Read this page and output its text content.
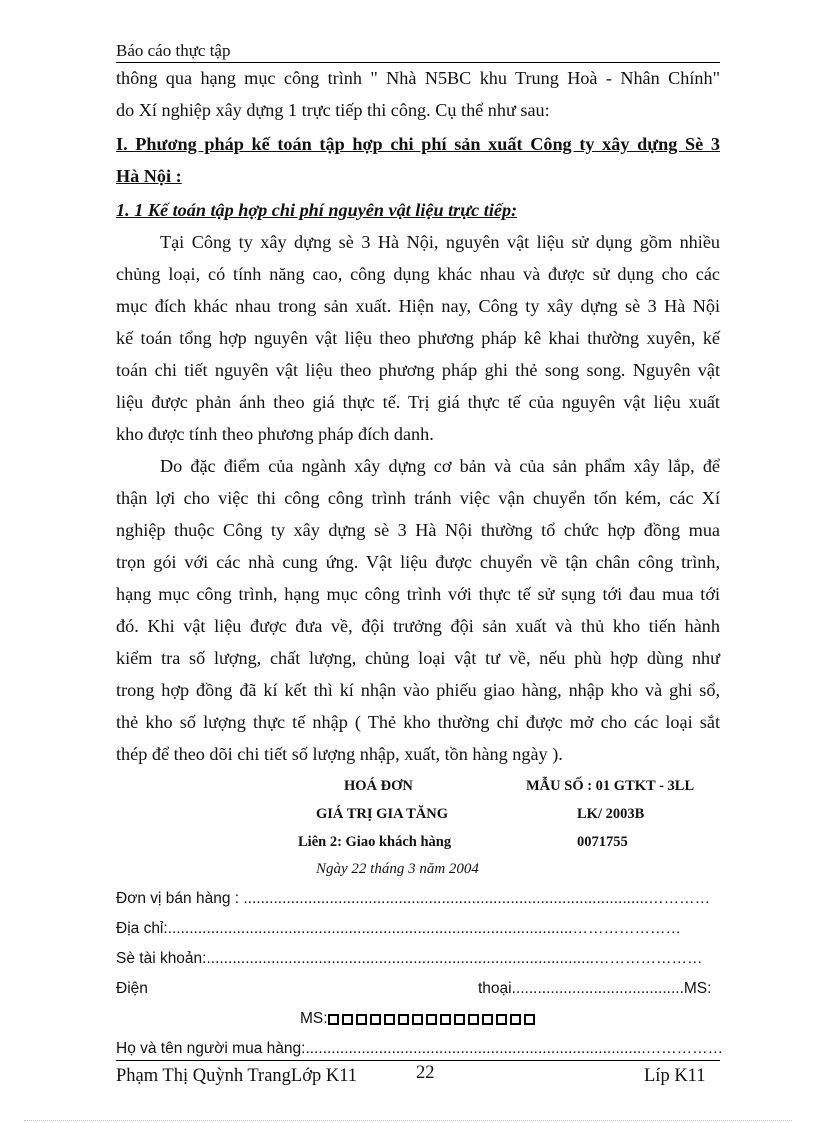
Báo cáo thực tập
thông qua hạng mục công trình " Nhà N5BC khu Trung Hoà - Nhân Chính"
do Xí nghiệp xây dựng 1 trực tiếp thi công. Cụ thể như sau:
I. Phương pháp kế toán tập hợp chi phí sản xuất Công ty xây dựng Sè 3
Hà Nội :
1. 1 Kế toán tập hợp chi phí nguyên vật liệu trực tiếp:
Tại Công ty xây dựng sè 3 Hà Nội, nguyên vật liệu sử dụng gồm nhiều
chủng loại, có tính năng cao, công dụng khác nhau và được sử dụng cho các
mục đích khác nhau trong sản xuất. Hiện nay, Công ty xây dựng sè 3 Hà Nội
kế toán tổng hợp nguyên vật liệu theo phương pháp kê khai thường xuyên, kế
toán chi tiết nguyên vật liệu theo phương pháp ghi thẻ song song. Nguyên vật
liệu được phản ánh theo giá thực tế. Trị giá thực tế của nguyên vật liệu xuất
kho được tính theo phương pháp đích danh.
Do đặc điểm của ngành xây dựng cơ bản và của sản phẩm xây lắp, để
thận lợi cho việc thi công công trình tránh việc vận chuyển tốn kém, các Xí
nghiệp thuộc Công ty xây dựng sè 3 Hà Nội thường tổ chức hợp đồng mua
trọn gói với các nhà cung ứng. Vật liệu được chuyển về tận chân công trình,
hạng mục công trình, hạng mục công trình với thực tế sử sụng tới đau mua tới
đó. Khi vật liệu được đưa về, đội trưởng đội sản xuất và thủ kho tiến hành
kiểm tra số lượng, chất lượng, chủng loại vật tư về, nếu phù hợp dùng như
trong hợp đồng đã kí kết thì kí nhận vào phiếu giao hàng, nhập kho và ghi sổ,
thẻ kho số lượng thực tế nhập ( Thẻ kho thường chỉ được mở cho các loại sắt
thép để theo dõi chi tiết số lượng nhập, xuất, tồn hàng ngày ).
HOÁ ĐƠN	MẪU SỐ : 01 GTKT - 3LL
GIÁ TRỊ GIA TĂNG	LK/ 2003B
Liên 2: Giao khách hàng	0071755
Ngày 22 tháng 3 năm 2004
Đơn vị bán hàng : ..............................................................................................…………
Địa chỉ:..............................................................................................…………………
Sè tài khoản:..........................................................................................…………………
Điện	thoại........................................MS:
MS:
Họ và tên người mua hàng:...............................................................................……………
Phạm Thị Quỳnh TrangLớp K11	22	Líp K11
